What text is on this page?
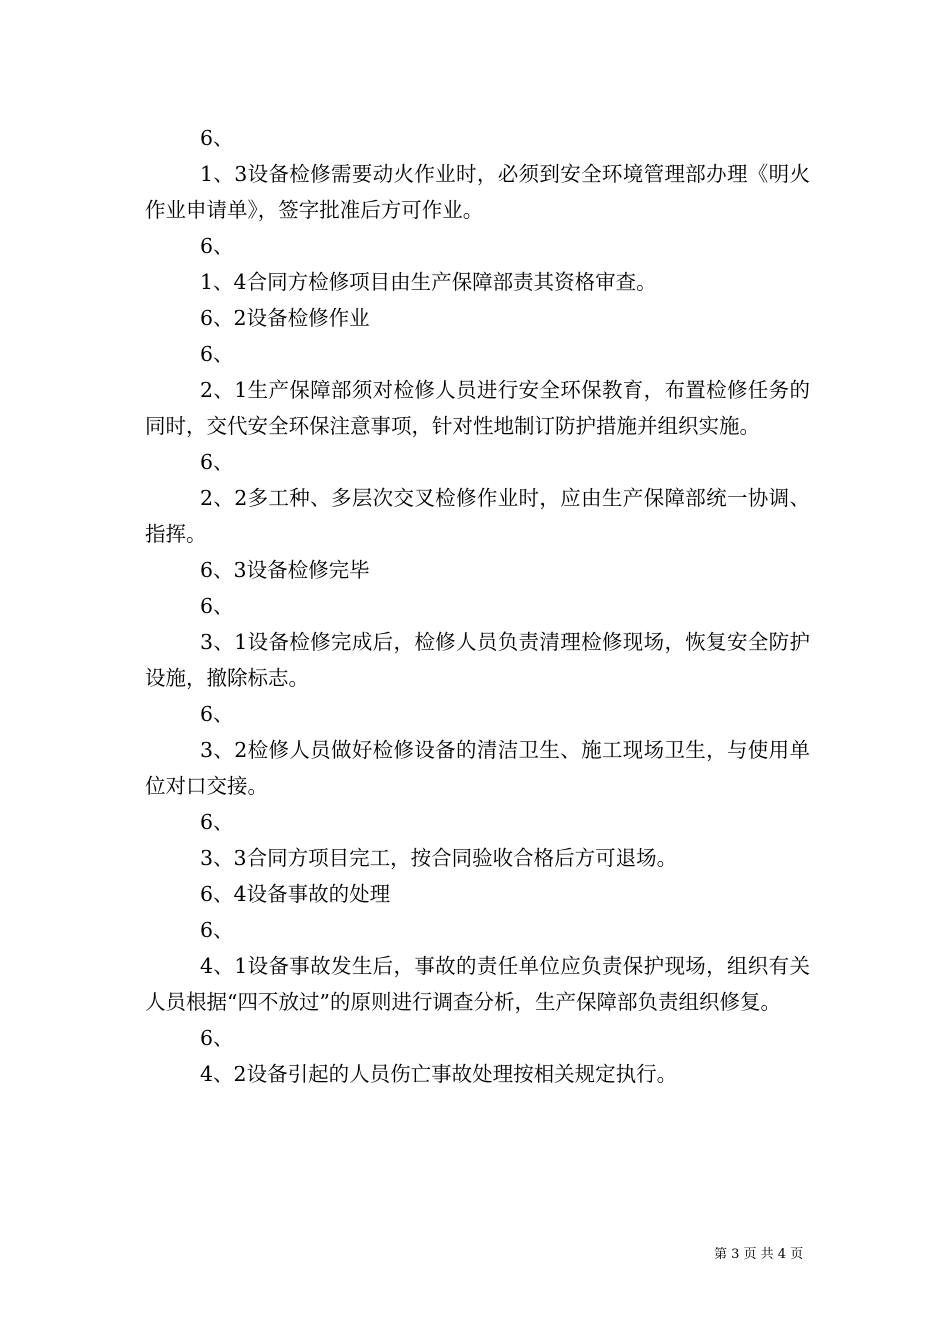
6、

1、3设备检修需要动火作业时，必须到安全环境管理部办理《明火作业申请单》，签字批准后方可作业。

6、

1、4合同方检修项目由生产保障部责其资格审查。

6、2设备检修作业

6、

2、1生产保障部须对检修人员进行安全环保教育，布置检修任务的同时，交代安全环保注意事项，针对性地制订防护措施并组织实施。

6、

2、2多工种、多层次交叉检修作业时，应由生产保障部统一协调、指挥。

6、3设备检修完毕

6、

3、1设备检修完成后，检修人员负责清理检修现场，恢复安全防护设施，撤除标志。

6、

3、2检修人员做好检修设备的清洁卫生、施工现场卫生，与使用单位对口交接。

6、

3、3合同方项目完工，按合同验收合格后方可退场。

6、4设备事故的处理

6、

4、1设备事故发生后，事故的责任单位应负责保护现场，组织有关人员根据“四不放过”的原则进行调查分析，生产保障部负责组织修复。

6、

4、2设备引起的人员伤亡事故处理按相关规定执行。

第 3 页 共 4 页
